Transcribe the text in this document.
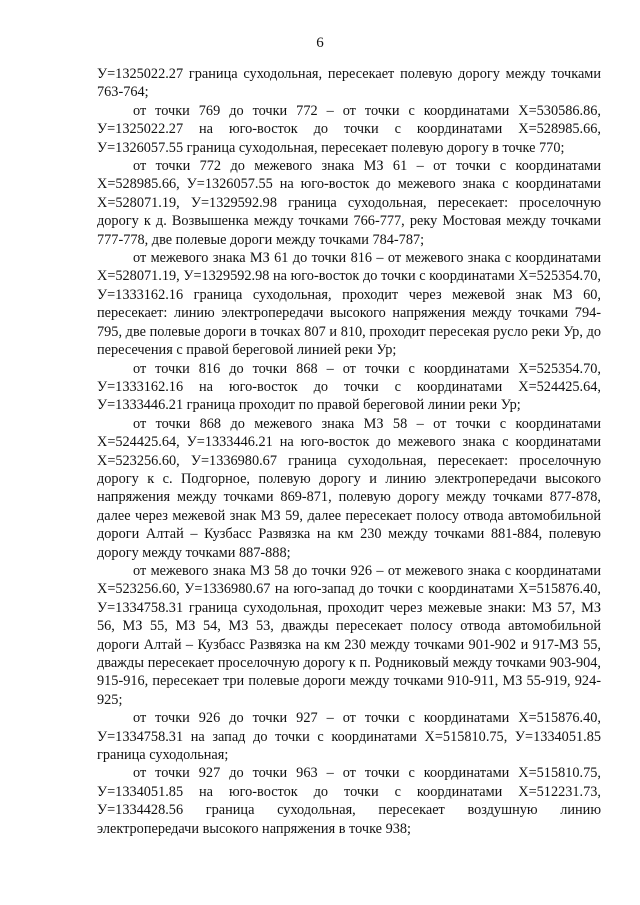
6

У=1325022.27 граница суходольная, пересекает полевую дорогу между точками 763-764;

от точки 769 до точки 772 – от точки с координатами Х=530586.86, У=1325022.27 на юго-восток до точки с координатами Х=528985.66, У=1326057.55 граница суходольная, пересекает полевую дорогу в точке 770;

от точки 772 до межевого знака МЗ 61 – от точки с координатами Х=528985.66, У=1326057.55 на юго-восток до межевого знака с координатами Х=528071.19, У=1329592.98 граница суходольная, пересекает: проселочную дорогу к д. Возвышенка между точками 766-777, реку Мостовая между точками 777-778, две полевые дороги между точками 784-787;

от межевого знака МЗ 61 до точки 816 – от межевого знака с координатами Х=528071.19, У=1329592.98 на юго-восток до точки с координатами Х=525354.70, У=1333162.16 граница суходольная, проходит через межевой знак МЗ 60, пересекает: линию электропередачи высокого напряжения между точками 794-795, две полевые дороги в точках 807 и 810, проходит пересекая русло реки Ур, до пересечения с правой береговой линией реки Ур;

от точки 816 до точки 868 – от точки с координатами Х=525354.70, У=1333162.16 на юго-восток до точки с координатами Х=524425.64, У=1333446.21 граница проходит по правой береговой линии реки Ур;

от точки 868 до межевого знака МЗ 58 – от точки с координатами Х=524425.64, У=1333446.21 на юго-восток до межевого знака с координатами Х=523256.60, У=1336980.67 граница суходольная, пересекает: проселочную дорогу к с. Подгорное, полевую дорогу и линию электропередачи высокого напряжения между точками 869-871, полевую дорогу между точками 877-878, далее через межевой знак МЗ 59, далее пересекает полосу отвода автомобильной дороги Алтай – Кузбасс Развязка на км 230 между точками 881-884, полевую дорогу между точками 887-888;

от межевого знака МЗ 58 до точки 926 – от межевого знака с координатами Х=523256.60, У=1336980.67 на юго-запад до точки с координатами Х=515876.40, У=1334758.31 граница суходольная, проходит через межевые знаки: МЗ 57, МЗ 56, МЗ 55, МЗ 54, МЗ 53, дважды пересекает полосу отвода автомобильной дороги Алтай – Кузбасс Развязка на км 230 между точками 901-902 и 917-МЗ 55, дважды пересекает проселочную дорогу к п. Родниковый между точками 903-904, 915-916, пересекает три полевые дороги между точками 910-911, МЗ 55-919, 924-925;

от точки 926 до точки 927 – от точки с координатами Х=515876.40, У=1334758.31 на запад до точки с координатами Х=515810.75, У=1334051.85 граница суходольная;

от точки 927 до точки 963 – от точки с координатами Х=515810.75, У=1334051.85 на юго-восток до точки с координатами Х=512231.73, У=1334428.56 граница суходольная, пересекает воздушную линию электропередачи высокого напряжения в точке 938;
